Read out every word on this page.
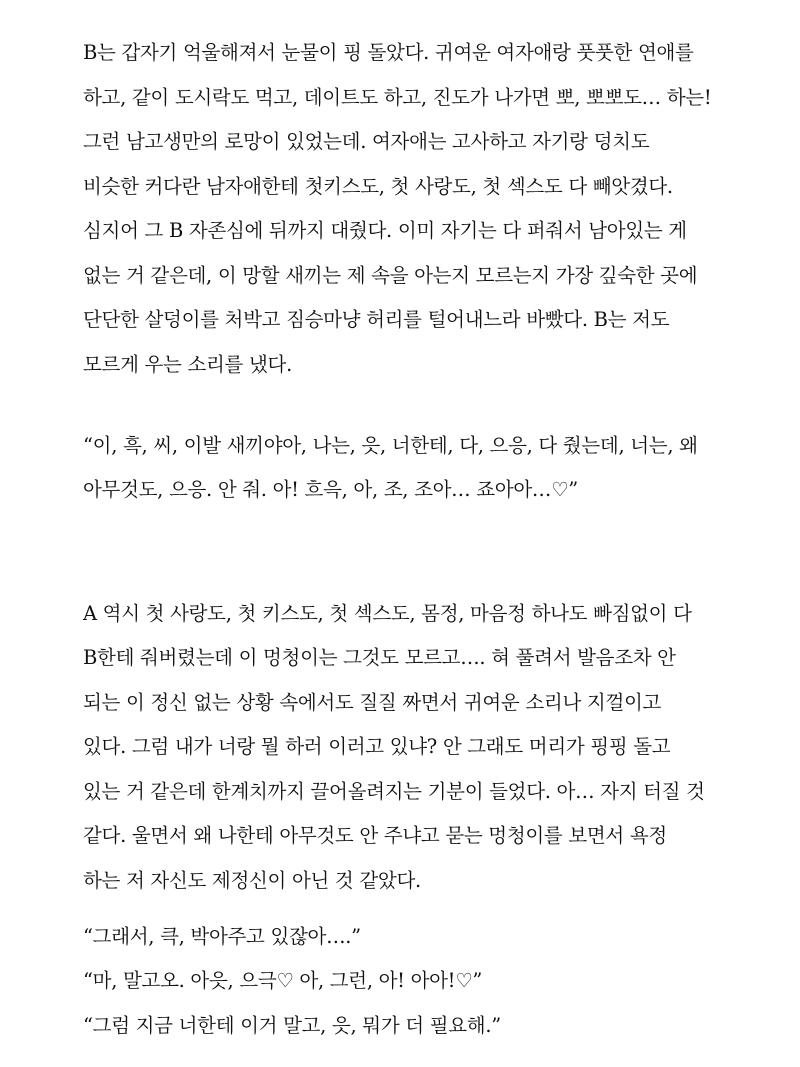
B는 갑자기 억울해져서 눈물이 핑 돌았다. 귀여운 여자애랑 풋풋한 연애를
하고, 같이 도시락도 먹고, 데이트도 하고, 진도가 나가면 뽀, 뽀뽀도… 하는!
그런 남고생만의 로망이 있었는데. 여자애는 고사하고 자기랑 덩치도
비슷한 커다란 남자애한테 첫키스도, 첫 사랑도, 첫 섹스도 다 빼앗겼다.
심지어 그 B 자존심에 뒤까지 대줬다. 이미 자기는 다 퍼줘서 남아있는 게
없는 거 같은데, 이 망할 새끼는 제 속을 아는지 모르는지 가장 깊숙한 곳에
단단한 살덩이를 처박고 짐승마냥 허리를 털어내느라 바빴다. B는 저도
모르게 우는 소리를 냈다.
“이, 흑, 씨, 이발 새끼야아, 나는, 읏, 너한테, 다, 으응, 다 줬는데, 너는, 왜
아무것도, 으응. 안 줘. 아! 흐윽, 아, 조, 조아… 죠아아…♡”
A 역시 첫 사랑도, 첫 키스도, 첫 섹스도, 몸정, 마음정 하나도 빠짐없이 다
B한테 줘버렸는데 이 멍청이는 그것도 모르고…. 혀 풀려서 발음조차 안
되는 이 정신 없는 상황 속에서도 질질 짜면서 귀여운 소리나 지껄이고
있다. 그럼 내가 너랑 뭘 하러 이러고 있냐? 안 그래도 머리가 핑핑 돌고
있는 거 같은데 한계치까지 끌어올려지는 기분이 들었다. 아… 자지 터질 것
같다. 울면서 왜 나한테 아무것도 안 주냐고 묻는 멍청이를 보면서 욕정
하는 저 자신도 제정신이 아닌 것 같았다.
“그래서, 큭, 박아주고 있잖아….”
“마, 말고오. 아읏, 으극♡ 아, 그런, 아! 아아!♡”
“그럼 지금 너한테 이거 말고, 읏, 뭐가 더 필요해.”
